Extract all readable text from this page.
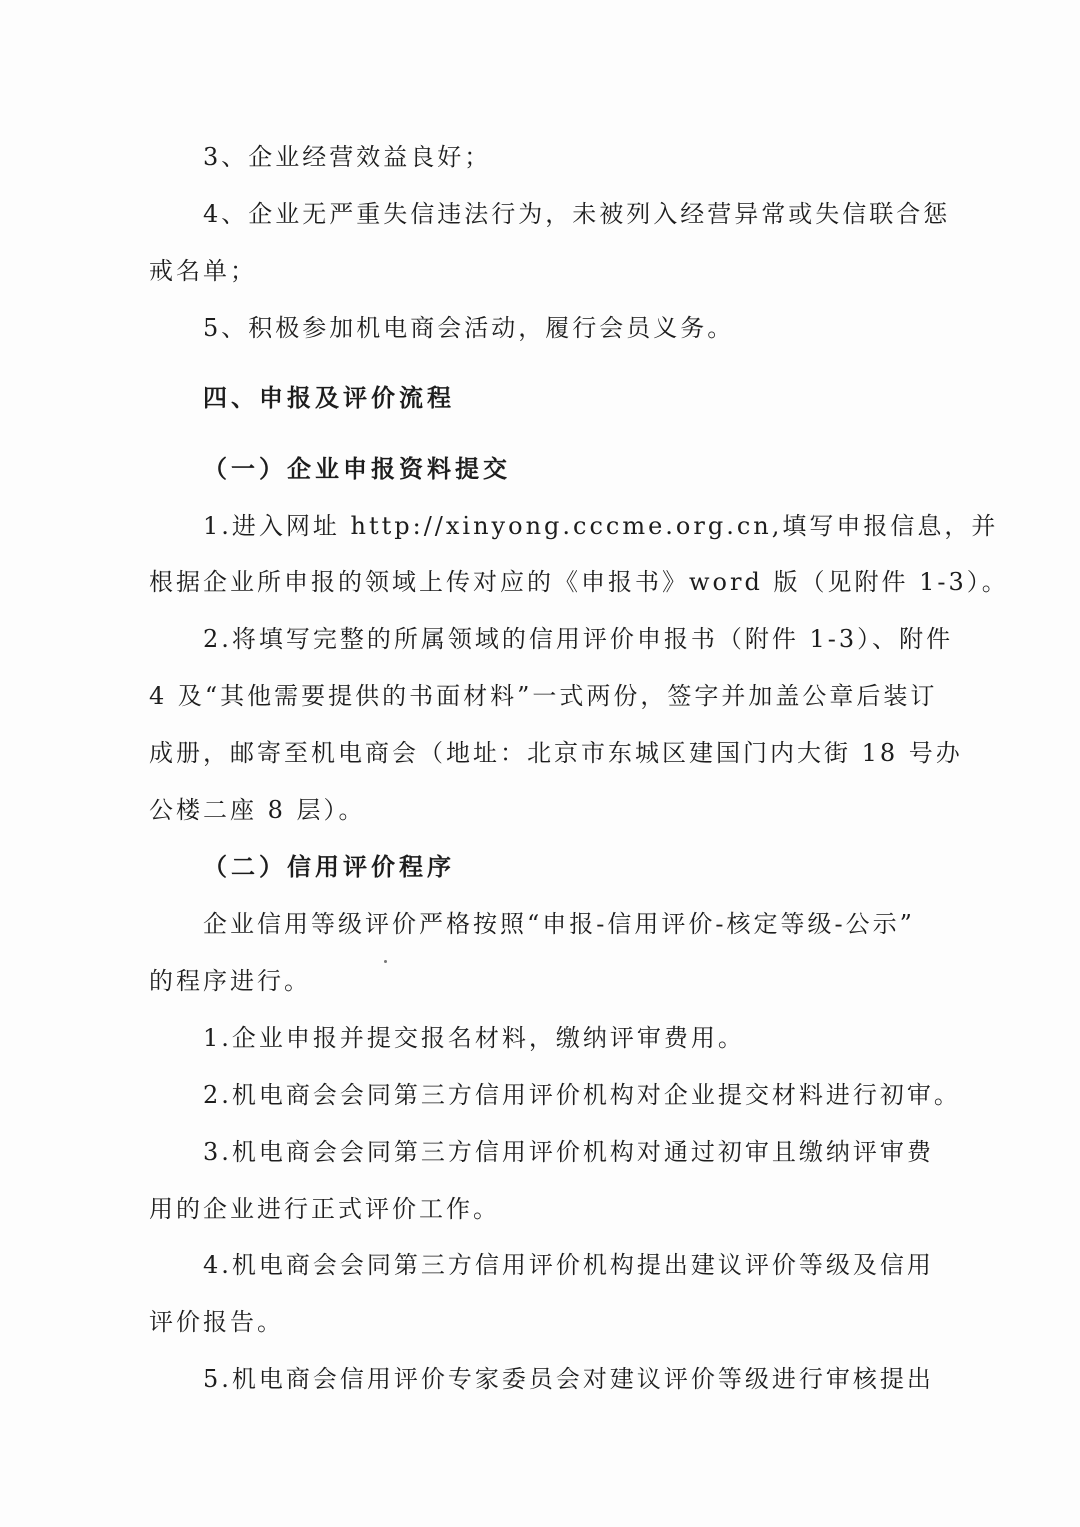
3、企业经营效益良好；
4、企业无严重失信违法行为，未被列入经营异常或失信联合惩
戒名单；
5、积极参加机电商会活动，履行会员义务。
四、申报及评价流程
（一）企业申报资料提交
1.进入网址 http://xinyong.cccme.org.cn,填写申报信息，并
根据企业所申报的领域上传对应的《申报书》word 版（见附件 1-3）。
2.将填写完整的所属领域的信用评价申报书（附件 1-3）、附件
4 及“其他需要提供的书面材料”一式两份，签字并加盖公章后装订
成册，邮寄至机电商会（地址：北京市东城区建国门内大街 18 号办
公楼二座 8 层）。
（二）信用评价程序
企业信用等级评价严格按照“申报-信用评价-核定等级-公示”
的程序进行。
1.企业申报并提交报名材料，缴纳评审费用。
2.机电商会会同第三方信用评价机构对企业提交材料进行初审。
3.机电商会会同第三方信用评价机构对通过初审且缴纳评审费
用的企业进行正式评价工作。
4.机电商会会同第三方信用评价机构提出建议评价等级及信用
评价报告。
5.机电商会信用评价专家委员会对建议评价等级进行审核提出
